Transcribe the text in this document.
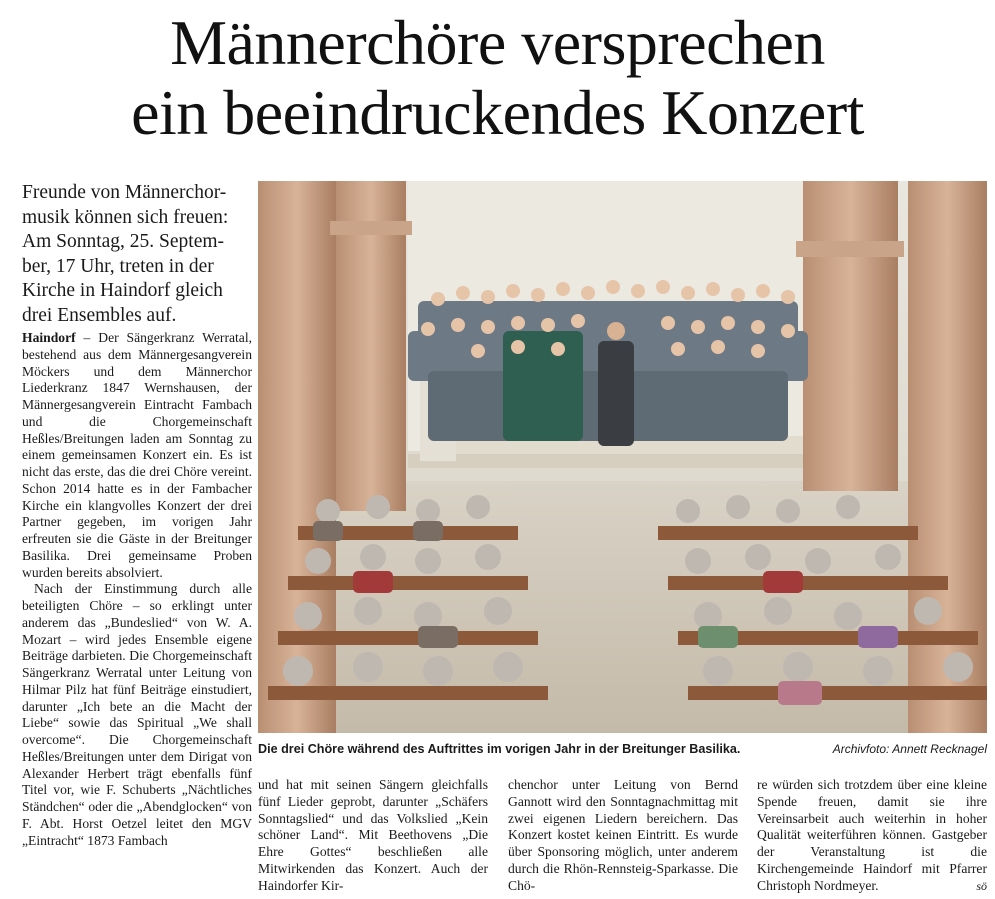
Männerchöre versprechen
ein beeindruckendes Konzert
Freunde von Männerchor-
musik können sich freuen:
Am Sonntag, 25. Septem-
ber, 17 Uhr, treten in der
Kirche in Haindorf gleich
drei Ensembles auf.

Haindorf – Der Sängerkranz Werratal, bestehend aus dem Männergesangverein Möckers und dem Männerchor Liederkranz 1847 Wernshausen, der Männergesangverein Eintracht Fambach und die Chorgemeinschaft Heßles/Breitungen laden am Sonntag zu einem gemeinsamen Konzert ein. Es ist nicht das erste, das die drei Chöre vereint. Schon 2014 hatte es in der Fambacher Kirche ein klangvolles Konzert der drei Partner gegeben, im vorigen Jahr erfreuten sie die Gäste in der Breitunger Basilika. Drei gemeinsame Proben wurden bereits absolviert.

Nach der Einstimmung durch alle beteiligten Chöre – so erklingt unter anderem das „Bundeslied“ von W. A. Mozart – wird jedes Ensemble eigene Beiträge darbieten. Die Chorgemeinschaft Sängerkranz Werratal unter Leitung von Hilmar Pilz hat fünf Beiträge einstudiert, darunter „Ich bete an die Macht der Liebe“ sowie das Spiritual „We shall overcome“. Die Chorgemeinschaft Heßles/Breitungen unter dem Dirigat von Alexander Herbert trägt ebenfalls fünf Titel vor, wie F. Schuberts „Nächtliches Ständchen“ oder die „Abendglocken“ von F. Abt. Horst Oetzel leitet den MGV „Eintracht“ 1873 Fambach

Die drei Chöre während des Auftrittes im vorigen Jahr in der Breitunger Basilika.	Archivfoto: Annett Recknagel

und hat mit seinen Sängern gleichfalls fünf Lieder geprobt, darunter „Schäfers Sonntagslied“ und das Volkslied „Kein schöner Land“. Mit Beethovens „Die Ehre Gottes“ beschließen alle Mitwirkenden das Konzert. Auch der Haindorfer Kir-

chenchor unter Leitung von Bernd Gannott wird den Sonntagnachmittag mit zwei eigenen Liedern bereichern. Das Konzert kostet keinen Eintritt. Es wurde über Sponsoring möglich, unter anderem durch die Rhön-Rennsteig-Sparkasse. Die Chö-

re würden sich trotzdem über eine kleine Spende freuen, damit sie ihre Vereinsarbeit auch weiterhin in hoher Qualität weiterführen können. Gastgeber der Veranstaltung ist die Kirchengemeinde Haindorf mit Pfarrer Christoph Nordmeyer.	sö
